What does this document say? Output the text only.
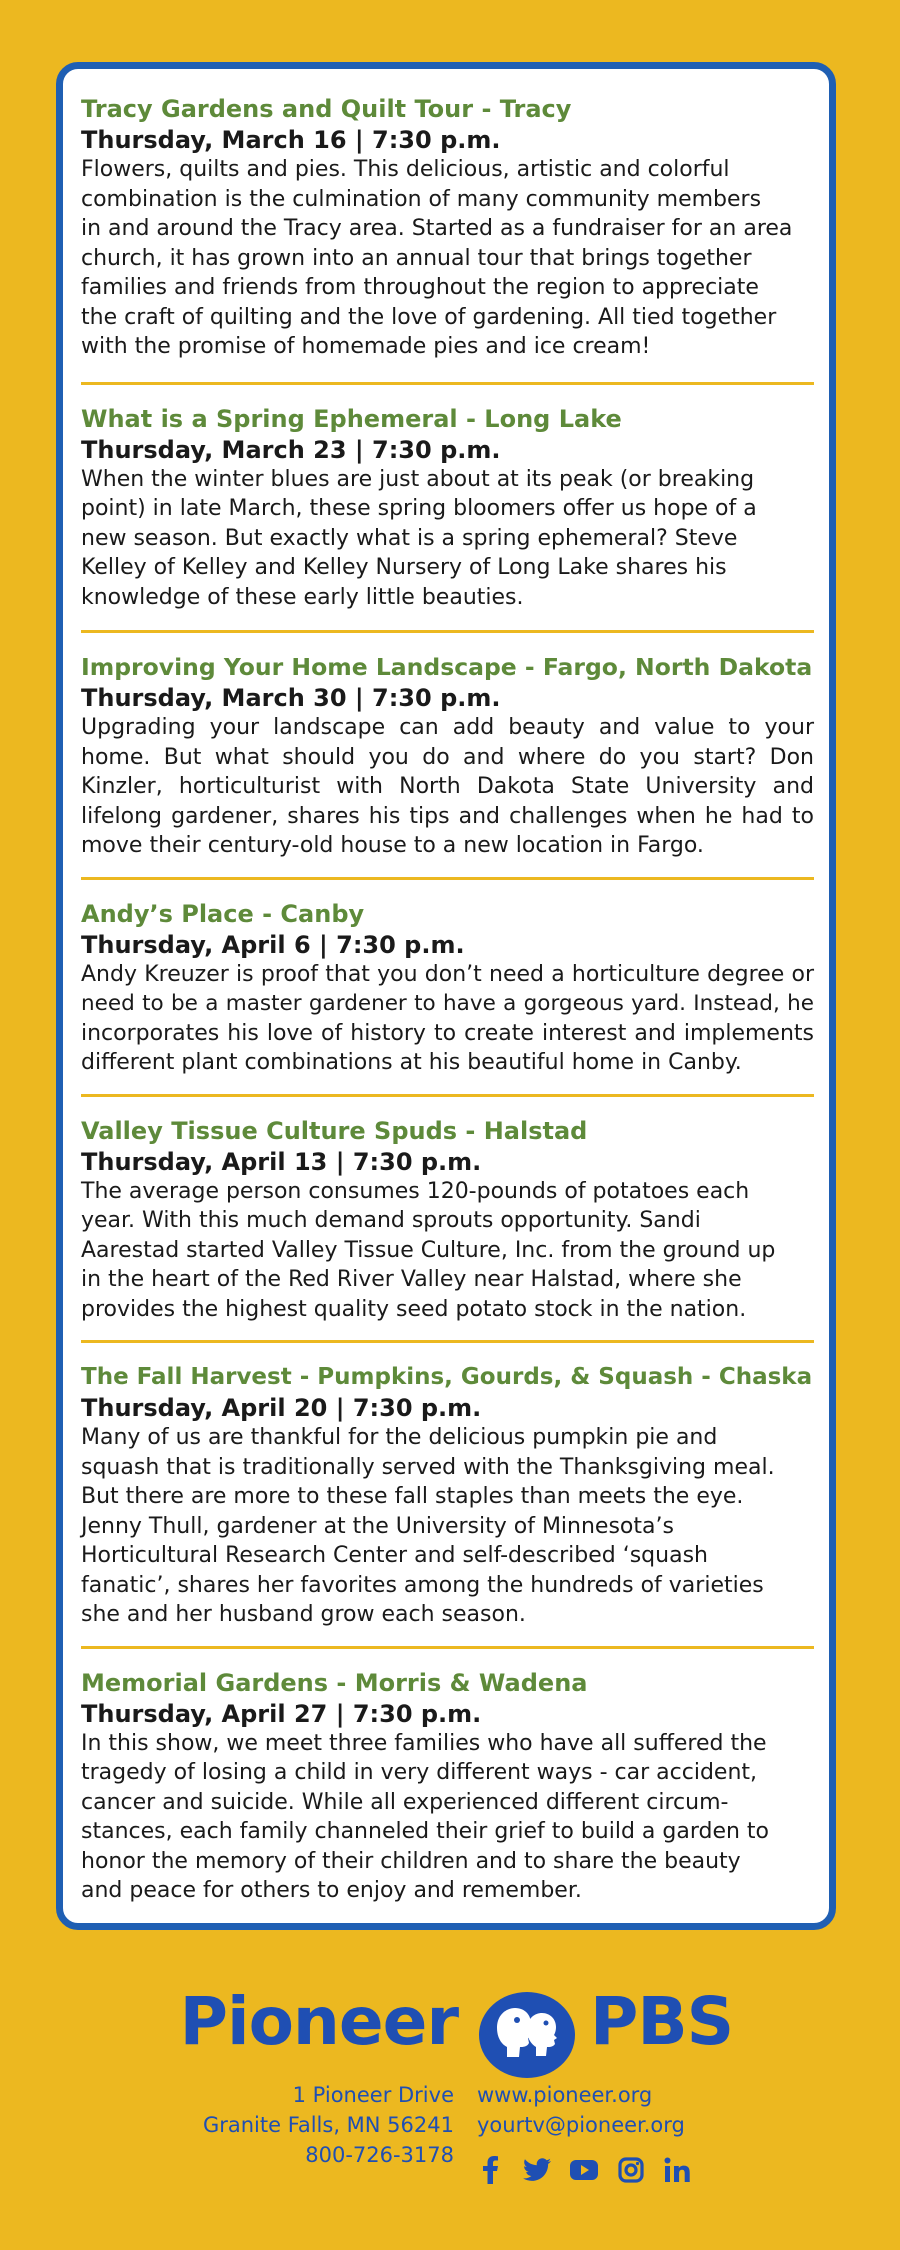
Tracy Gardens and Quilt Tour - Tracy
Thursday, March 16 | 7:30 p.m.
Flowers, quilts and pies. This delicious, artistic and colorful
combination is the culmination of many community members
in and around the Tracy area. Started as a fundraiser for an area
church, it has grown into an annual tour that brings together
families and friends from throughout the region to appreciate
the craft of quilting and the love of gardening. All tied together
with the promise of homemade pies and ice cream!
What is a Spring Ephemeral - Long Lake
Thursday, March 23 | 7:30 p.m.
When the winter blues are just about at its peak (or breaking
point) in late March, these spring bloomers offer us hope of a
new season. But exactly what is a spring ephemeral? Steve
Kelley of Kelley and Kelley Nursery of Long Lake shares his
knowledge of these early little beauties.
Improving Your Home Landscape - Fargo, North Dakota
Thursday, March 30 | 7:30 p.m.
Upgrading your landscape can add beauty and value to your
home. But what should you do and where do you start? Don
Kinzler, horticulturist with North Dakota State University and
lifelong gardener, shares his tips and challenges when he had to
move their century-old house to a new location in Fargo.
Andy’s Place - Canby
Thursday, April 6 | 7:30 p.m.
Andy Kreuzer is proof that you don’t need a horticulture degree or
need to be a master gardener to have a gorgeous yard. Instead, he
incorporates his love of history to create interest and implements
different plant combinations at his beautiful home in Canby.
Valley Tissue Culture Spuds - Halstad
Thursday, April 13 | 7:30 p.m.
The average person consumes 120-pounds of potatoes each
year. With this much demand sprouts opportunity. Sandi
Aarestad started Valley Tissue Culture, Inc. from the ground up
in the heart of the Red River Valley near Halstad, where she
provides the highest quality seed potato stock in the nation.
The Fall Harvest - Pumpkins, Gourds, & Squash - Chaska
Thursday, April 20 | 7:30 p.m.
Many of us are thankful for the delicious pumpkin pie and
squash that is traditionally served with the Thanksgiving meal.
But there are more to these fall staples than meets the eye.
Jenny Thull, gardener at the University of Minnesota’s
Horticultural Research Center and self-described ‘squash
fanatic’, shares her favorites among the hundreds of varieties
she and her husband grow each season.
Memorial Gardens - Morris & Wadena
Thursday, April 27 | 7:30 p.m.
In this show, we meet three families who have all suffered the
tragedy of losing a child in very different ways - car accident,
cancer and suicide. While all experienced different circum-
stances, each family channeled their grief to build a garden to
honor the memory of their children and to share the beauty
and peace for others to enjoy and remember.
Pioneer PBS
1 Pioneer Drive
Granite Falls, MN 56241
800-726-3178
www.pioneer.org
yourtv@pioneer.org
